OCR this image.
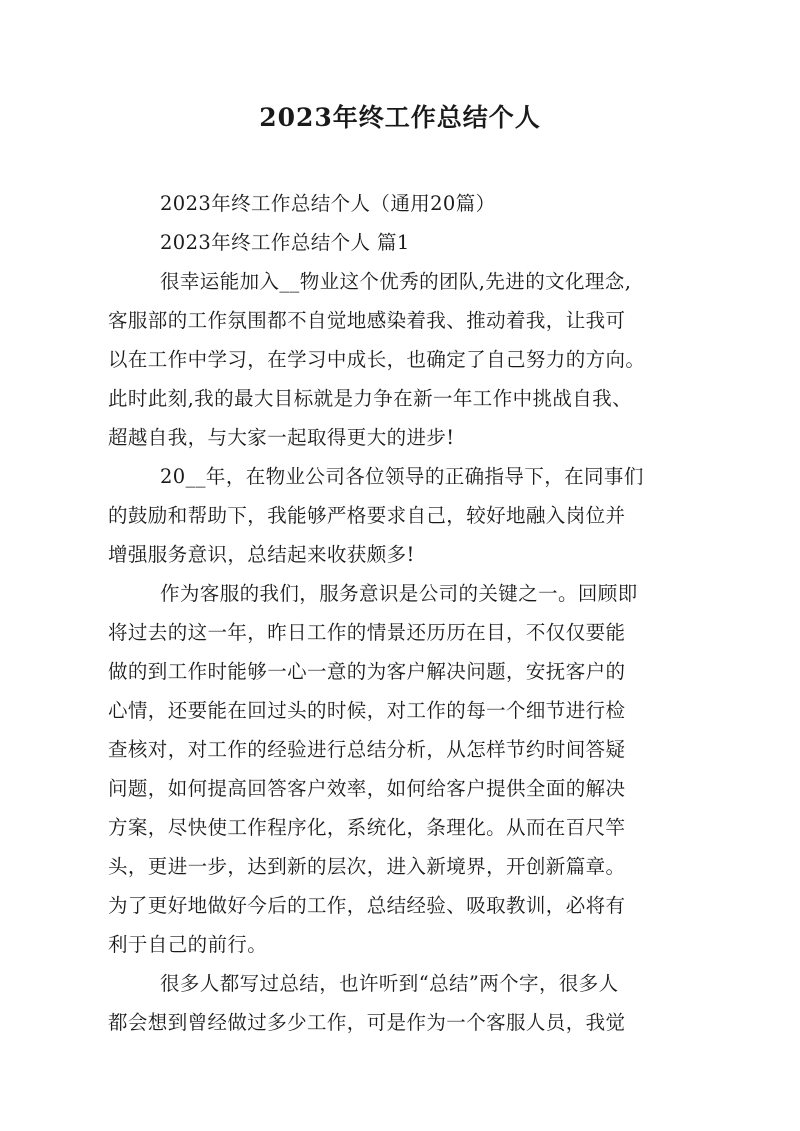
2023年终工作总结个人
2023年终工作总结个人（通用20篇）
2023年终工作总结个人 篇1
很幸运能加入__物业这个优秀的团队,先进的文化理念,
客服部的工作氛围都不自觉地感染着我、推动着我，让我可
以在工作中学习，在学习中成长，也确定了自己努力的方向。
此时此刻,我的最大目标就是力争在新一年工作中挑战自我、
超越自我，与大家一起取得更大的进步!
20__年，在物业公司各位领导的正确指导下，在同事们
的鼓励和帮助下，我能够严格要求自己，较好地融入岗位并
增强服务意识，总结起来收获颇多!
作为客服的我们，服务意识是公司的关键之一。回顾即
将过去的这一年，昨日工作的情景还历历在目，不仅仅要能
做的到工作时能够一心一意的为客户解决问题，安抚客户的
心情，还要能在回过头的时候，对工作的每一个细节进行检
查核对，对工作的经验进行总结分析，从怎样节约时间答疑
问题，如何提高回答客户效率，如何给客户提供全面的解决
方案，尽快使工作程序化，系统化，条理化。从而在百尺竿
头，更进一步，达到新的层次，进入新境界，开创新篇章。
为了更好地做好今后的工作，总结经验、吸取教训，必将有
利于自己的前行。
很多人都写过总结，也许听到“总结”两个字，很多人
都会想到曾经做过多少工作，可是作为一个客服人员，我觉
